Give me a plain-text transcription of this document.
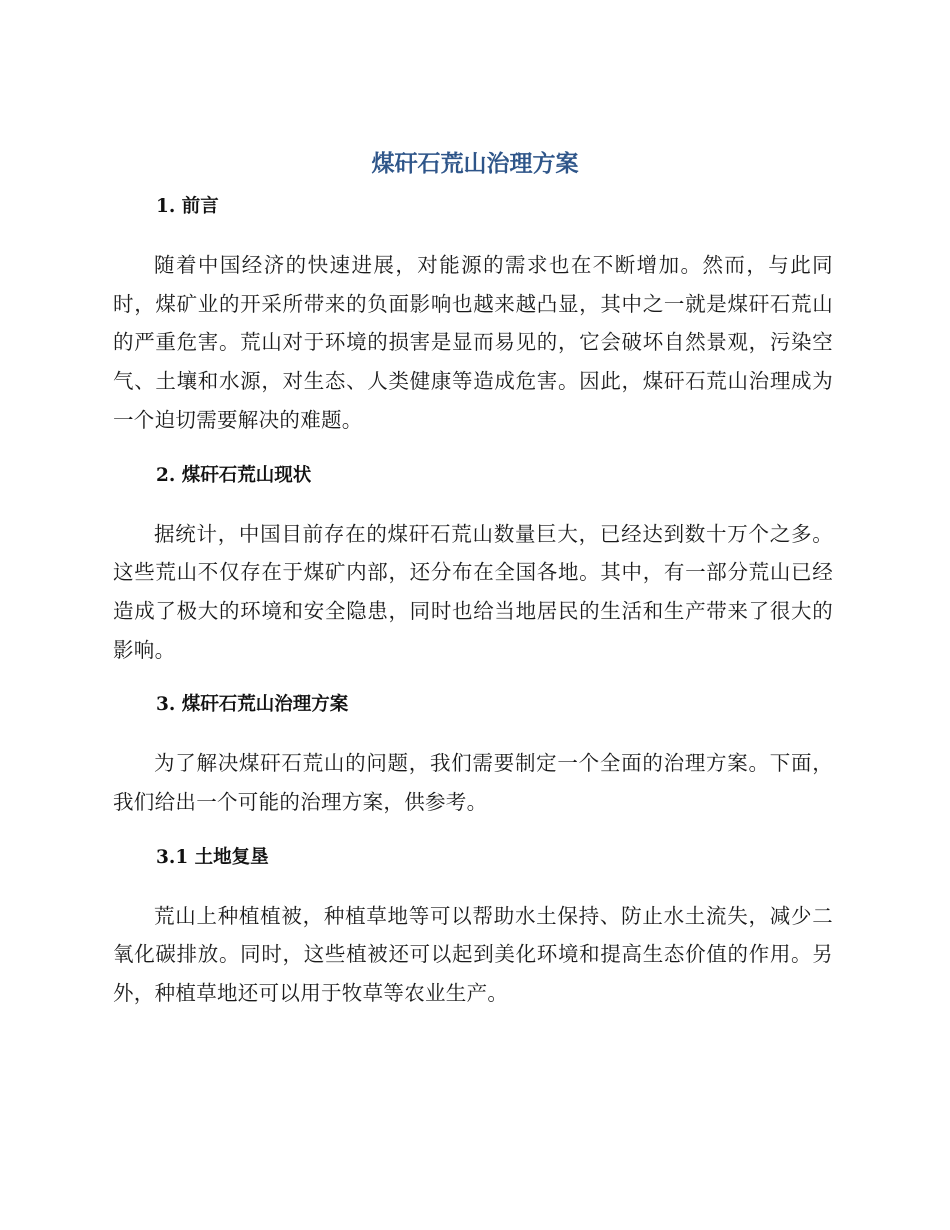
煤矸石荒山治理方案
1. 前言

随着中国经济的快速进展，对能源的需求也在不断增加。然而，与此同时，煤矿业的开采所带来的负面影响也越来越凸显，其中之一就是煤矸石荒山的严重危害。荒山对于环境的损害是显而易见的，它会破坏自然景观，污染空气、土壤和水源，对生态、人类健康等造成危害。因此，煤矸石荒山治理成为一个迫切需要解决的难题。

2. 煤矸石荒山现状

据统计，中国目前存在的煤矸石荒山数量巨大，已经达到数十万个之多。这些荒山不仅存在于煤矿内部，还分布在全国各地。其中，有一部分荒山已经造成了极大的环境和安全隐患，同时也给当地居民的生活和生产带来了很大的影响。

3. 煤矸石荒山治理方案

为了解决煤矸石荒山的问题，我们需要制定一个全面的治理方案。下面，我们给出一个可能的治理方案，供参考。

3.1 土地复垦

荒山上种植植被，种植草地等可以帮助水土保持、防止水土流失，减少二氧化碳排放。同时，这些植被还可以起到美化环境和提高生态价值的作用。另外，种植草地还可以用于牧草等农业生产。
